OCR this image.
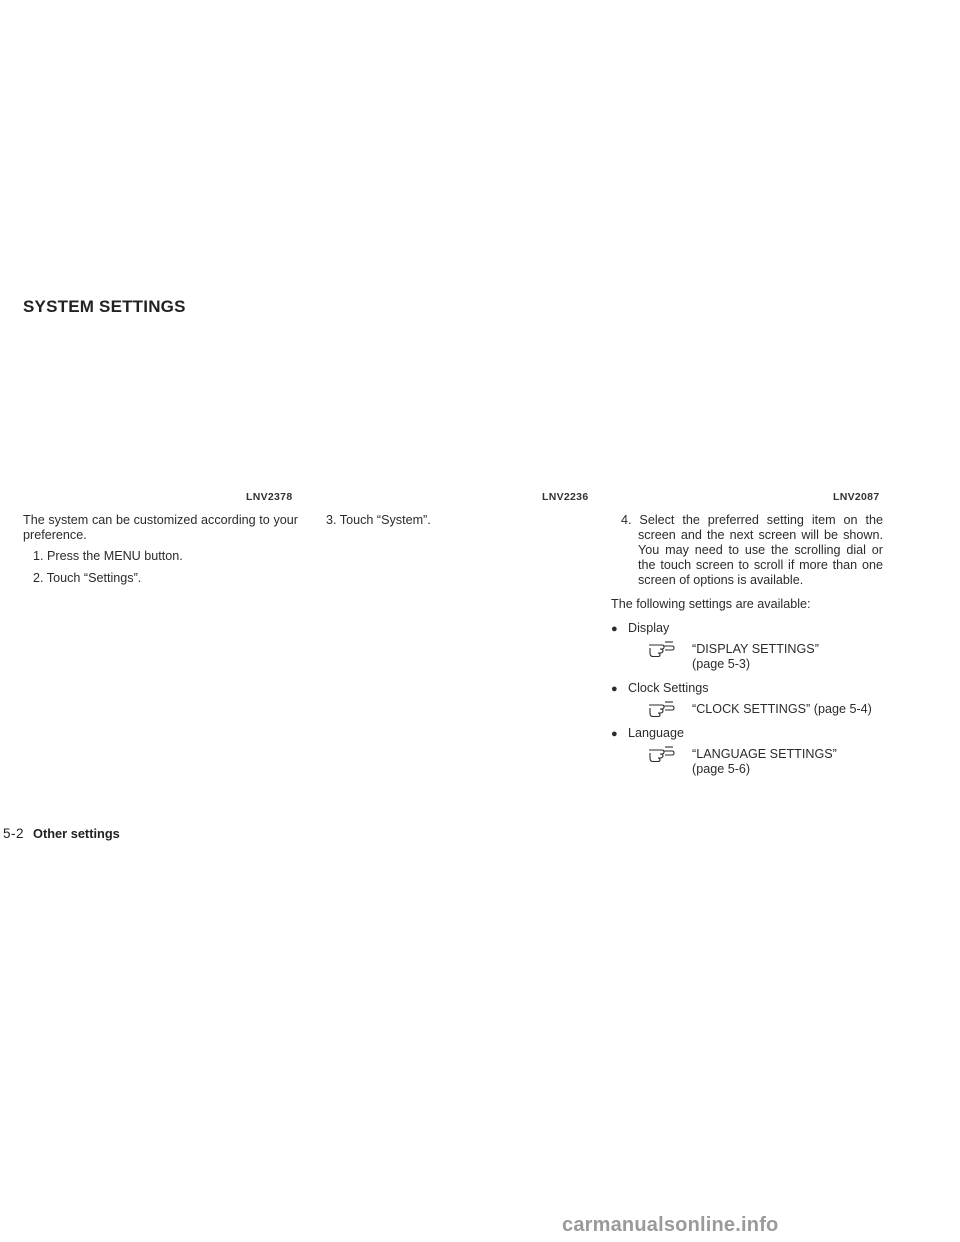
SYSTEM SETTINGS
LNV2378	LNV2236	LNV2087

The system can be customized according to your preference.

1. Press the MENU button.

2. Touch “Settings”.

3. Touch “System”.	4. Select the preferred setting item on the screen and the next screen will be shown. You may need to use the scrolling dial or the touch screen to scroll if more than one screen of options is available.

The following settings are available:

● Display
“DISPLAY SETTINGS”
(page 5-3)
● Clock Settings
“CLOCK SETTINGS” (page 5-4)
● Language
“LANGUAGE SETTINGS”
(page 5-6)
5-2 Other settings
carmanualsonline.info
